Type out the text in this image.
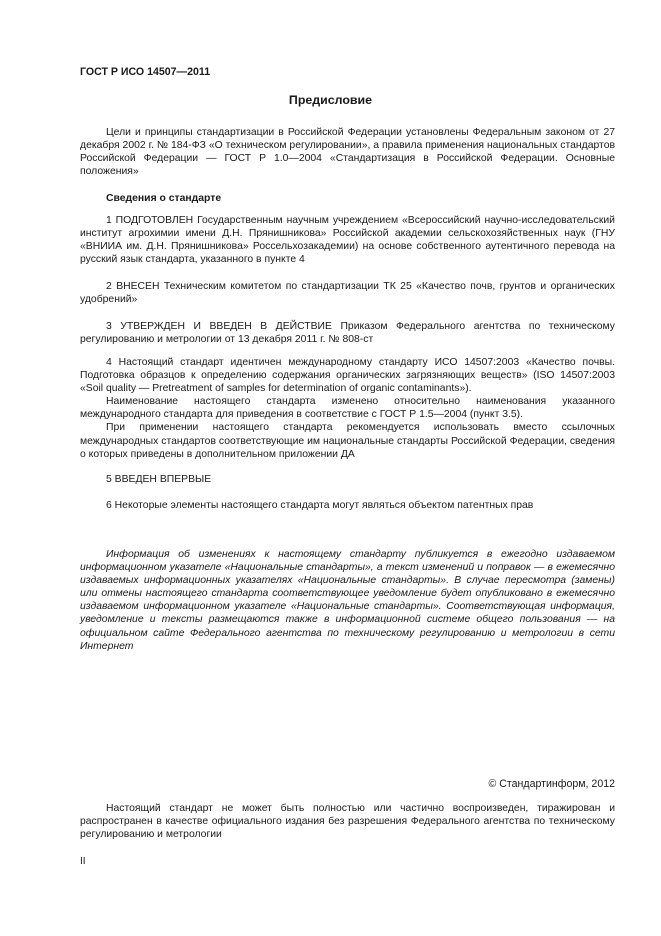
ГОСТ Р ИСО 14507—2011
Предисловие

Цели и принципы стандартизации в Российской Федерации установлены Федеральным законом от 27 декабря 2002 г. № 184-ФЗ «О техническом регулировании», а правила применения национальных стандартов Российской Федерации — ГОСТ Р 1.0—2004 «Стандартизация в Российской Федерации. Основные положения»

Сведения о стандарте

1 ПОДГОТОВЛЕН Государственным научным учреждением «Всероссийский научно-исследовательский институт агрохимии имени Д.Н. Прянишникова» Российской академии сельскохозяйственных наук (ГНУ «ВНИИА им. Д.Н. Прянишникова» Россельхозакадемии) на основе собственного аутентичного перевода на русский язык стандарта, указанного в пункте 4

2 ВНЕСЕН Техническим комитетом по стандартизации ТК 25 «Качество почв, грунтов и органических удобрений»

3 УТВЕРЖДЕН И ВВЕДЕН В ДЕЙСТВИЕ Приказом Федерального агентства по техническому регулированию и метрологии от 13 декабря 2011 г. № 808-ст

4 Настоящий стандарт идентичен международному стандарту ИСО 14507:2003 «Качество почвы. Подготовка образцов к определению содержания органических загрязняющих веществ» (ISO 14507:2003 «Soil quality — Pretreatment of samples for determination of organic contaminants»).

Наименование настоящего стандарта изменено относительно наименования указанного международного стандарта для приведения в соответствие с ГОСТ Р 1.5—2004 (пункт 3.5).

При применении настоящего стандарта рекомендуется использовать вместо ссылочных международных стандартов соответствующие им национальные стандарты Российской Федерации, сведения о которых приведены в дополнительном приложении ДА

5 ВВЕДЕН ВПЕРВЫЕ

6 Некоторые элементы настоящего стандарта могут являться объектом патентных прав

Информация об изменениях к настоящему стандарту публикуется в ежегодно издаваемом информационном указателе «Национальные стандарты», а текст изменений и поправок — в ежемесячно издаваемых информационных указателях «Национальные стандарты». В случае пересмотра (замены) или отмены настоящего стандарта соответствующее уведомление будет опубликовано в ежемесячно издаваемом информационном указателе «Национальные стандарты». Соответствующая информация, уведомление и тексты размещаются также в информационной системе общего пользования — на официальном сайте Федерального агентства по техническому регулированию и метрологии в сети Интернет

© Стандартинформ, 2012

Настоящий стандарт не может быть полностью или частично воспроизведен, тиражирован и распространен в качестве официального издания без разрешения Федерального агентства по техническому регулированию и метрологии

II
